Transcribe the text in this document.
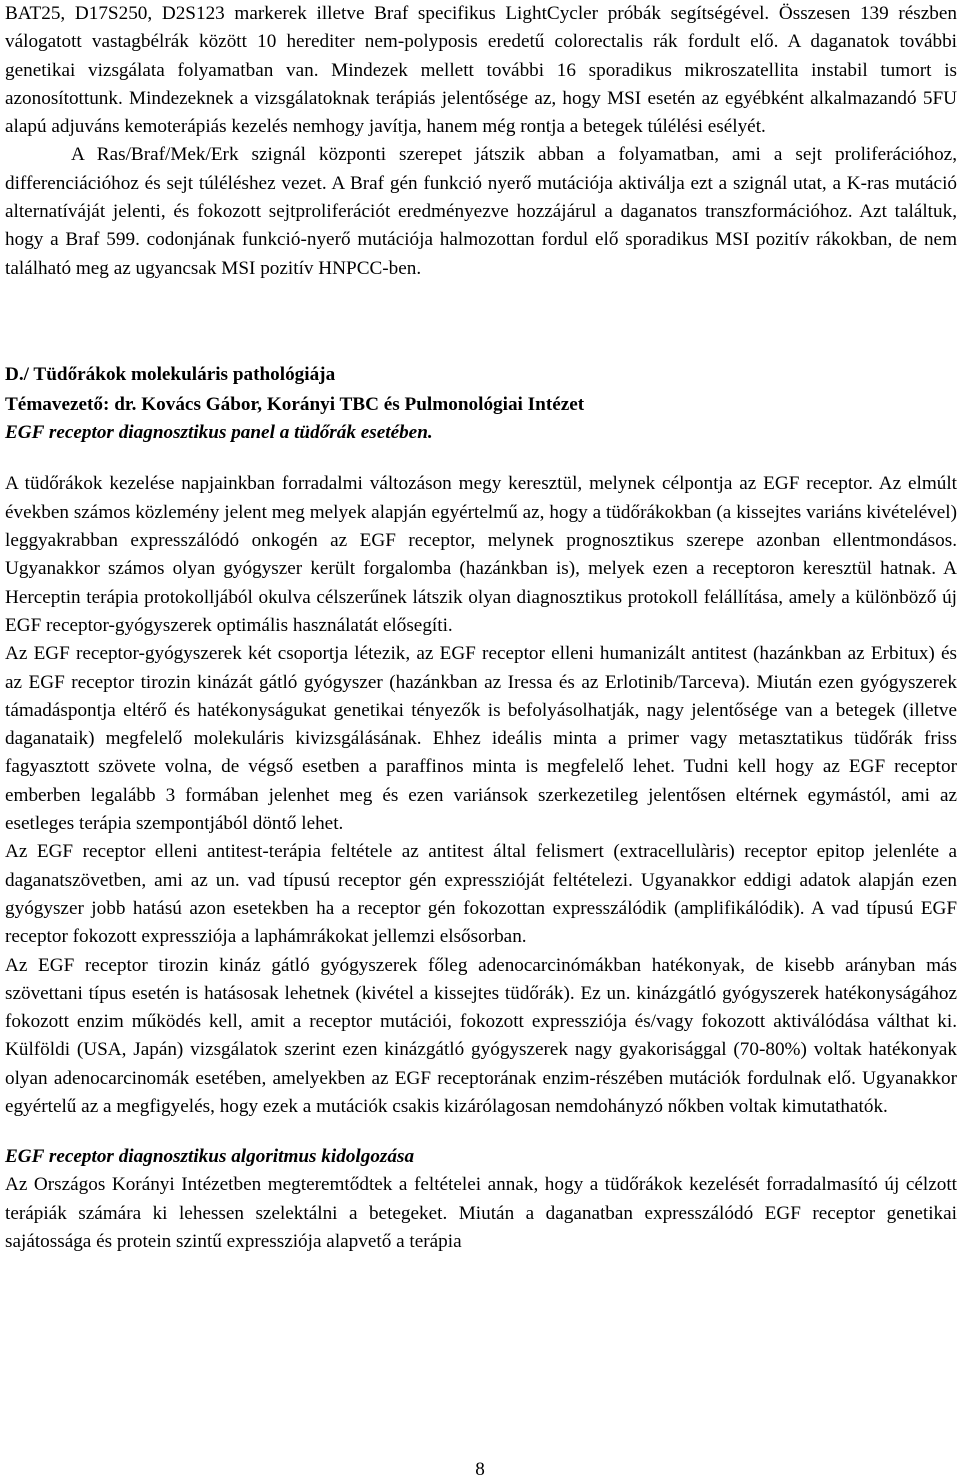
BAT25, D17S250, D2S123 markerek illetve Braf specifikus LightCycler próbák segítségével. Összesen 139 részben válogatott vastagbélrák között 10 herediter nem-polyposis eredetű colorectalis rák fordult elő. A daganatok további genetikai vizsgálata folyamatban van. Mindezek mellett további 16 sporadikus mikroszatellita instabil tumort is azonosítottunk. Mindezeknek a vizsgálatoknak terápiás jelentősége az, hogy MSI esetén az egyébként alkalmazandó 5FU alapú adjuváns kemoterápiás kezelés nemhogy javítja, hanem még rontja a betegek túlélési esélyét.

A Ras/Braf/Mek/Erk szignál központi szerepet játszik abban a folyamatban, ami a sejt proliferációhoz, differenciációhoz és sejt túléléshez vezet. A Braf gén funkció nyerő mutációja aktiválja ezt a szignál utat, a K-ras mutáció alternatíváját jelenti, és fokozott sejtproliferációt eredményezve hozzájárul a daganatos transzformációhoz. Azt találtuk, hogy a Braf 599. codonjának funkció-nyerő mutációja halmozottan fordul elő sporadikus MSI pozitív rákokban, de nem található meg az ugyancsak MSI pozitív HNPCC-ben.

D./ Tüdőrákok molekuláris pathológiája

Témavezető: dr. Kovács Gábor, Korányi TBC és Pulmonológiai Intézet

EGF receptor diagnosztikus panel a tüdőrák esetében.

A tüdőrákok kezelése napjainkban forradalmi változáson megy keresztül, melynek célpontja az EGF receptor. Az elmúlt években számos közlemény jelent meg melyek alapján egyértelmű az, hogy a tüdőrákokban (a kissejtes variáns kivételével) leggyakrabban expresszálódó onkogén az EGF receptor, melynek prognosztikus szerepe azonban ellentmondásos. Ugyanakkor számos olyan gyógyszer került forgalomba (hazánkban is), melyek ezen a receptoron keresztül hatnak. A Herceptin terápia protokolljából okulva célszerűnek látszik olyan diagnosztikus protokoll felállítása, amely a különböző új EGF receptor-gyógyszerek optimális használatát elősegíti.

Az EGF receptor-gyógyszerek két csoportja létezik, az EGF receptor elleni humanizált antitest (hazánkban az Erbitux) és az EGF receptor tirozin kinázát gátló gyógyszer (hazánkban az Iressa és az Erlotinib/Tarceva). Miután ezen gyógyszerek támadáspontja eltérő és hatékonyságukat genetikai tényezők is befolyásolhatják, nagy jelentősége van a betegek (illetve daganataik) megfelelő molekuláris kivizsgálásának. Ehhez ideális minta a primer vagy metasztatikus tüdőrák friss fagyasztott szövete volna, de végső esetben a paraffinos minta is megfelelő lehet. Tudni kell hogy az EGF receptor emberben legalább 3 formában jelenhet meg és ezen variánsok szerkezetileg jelentősen eltérnek egymástól, ami az esetleges terápia szempontjából döntő lehet.

Az EGF receptor elleni antitest-terápia feltétele az antitest által felismert (extracellulàris) receptor epitop jelenléte a daganatszövetben, ami az un. vad típusú receptor gén expresszióját feltételezi. Ugyanakkor eddigi adatok alapján ezen gyógyszer jobb hatású azon esetekben ha a receptor gén fokozottan expresszálódik (amplifikálódik). A vad típusú EGF receptor fokozott expressziója a laphámrákokat jellemzi elsősorban.

Az EGF receptor tirozin kináz gátló gyógyszerek főleg adenocarcinómákban hatékonyak, de kisebb arányban más szövettani típus esetén is hatásosak lehetnek (kivétel a kissejtes tüdőrák). Ez un. kinázgátló gyógyszerek hatékonyságához fokozott enzim működés kell, amit a receptor mutációi, fokozott expressziója és/vagy fokozott aktiválódása válthat ki. Külföldi (USA, Japán) vizsgálatok szerint ezen kinázgátló gyógyszerek nagy gyakorisággal (70-80%) voltak hatékonyak olyan adenocarcinomák esetében, amelyekben az EGF receptorának enzim-részében mutációk fordulnak elő. Ugyanakkor egyértelű az a megfigyelés, hogy ezek a mutációk csakis kizárólagosan nemdohányzó nőkben voltak kimutathatók.

EGF receptor diagnosztikus algoritmus kidolgozása

Az Országos Korányi Intézetben megteremtődtek a feltételei annak, hogy a tüdőrákok kezelését forradalmasító új célzott terápiák számára ki lehessen szelektálni a betegeket. Miután a daganatban expresszálódó EGF receptor genetikai sajátossága és protein szintű expressziója alapvető a terápia

8
